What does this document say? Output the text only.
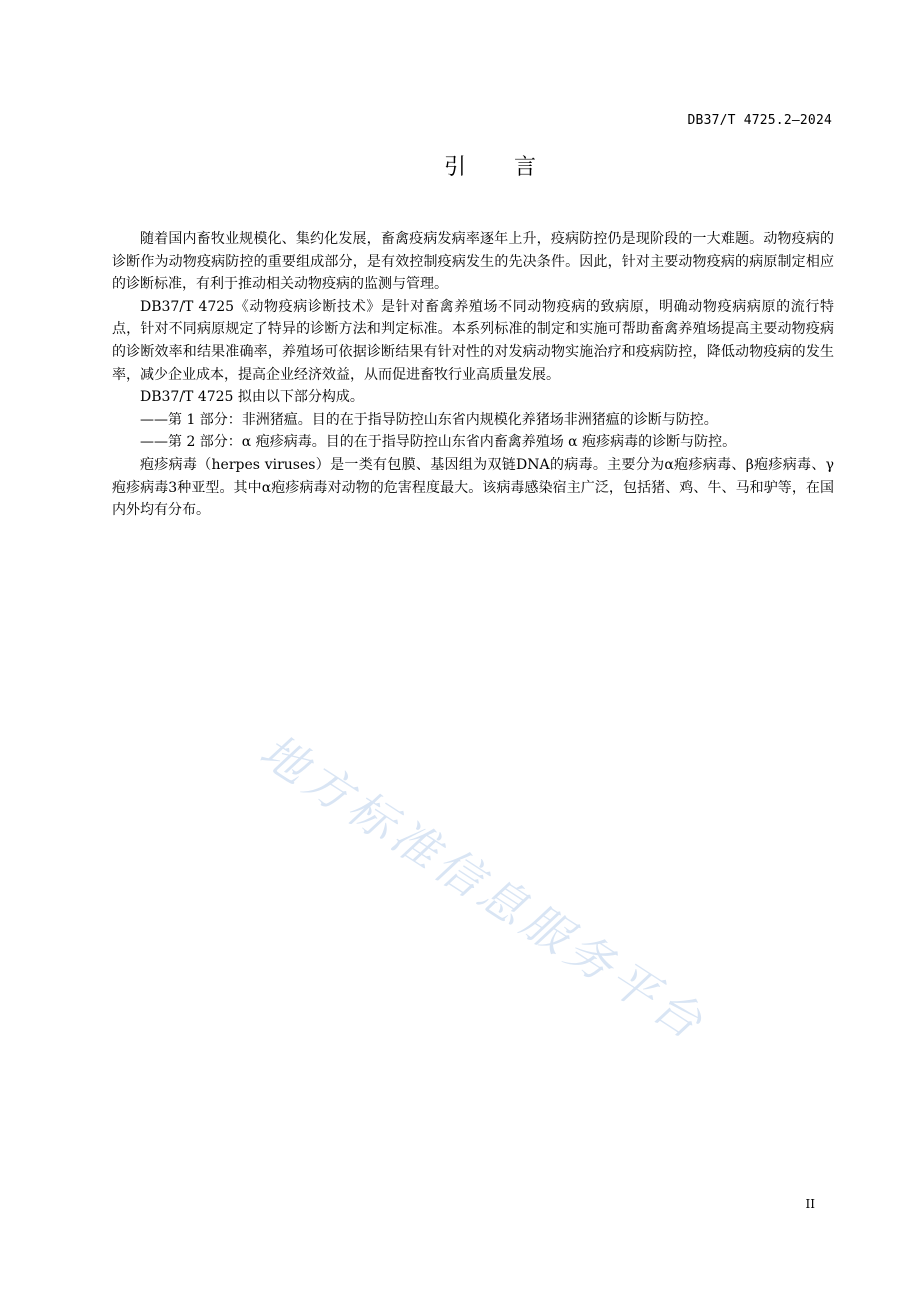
DB37/T 4725.2—2024
引 言

随着国内畜牧业规模化、集约化发展，畜禽疫病发病率逐年上升，疫病防控仍是现阶段的一大难题。动物疫病的诊断作为动物疫病防控的重要组成部分，是有效控制疫病发生的先决条件。因此，针对主要动物疫病的病原制定相应的诊断标准，有利于推动相关动物疫病的监测与管理。

DB37/T 4725《动物疫病诊断技术》是针对畜禽养殖场不同动物疫病的致病原，明确动物疫病病原的流行特点，针对不同病原规定了特异的诊断方法和判定标准。本系列标准的制定和实施可帮助畜禽养殖场提高主要动物疫病的诊断效率和结果准确率，养殖场可依据诊断结果有针对性的对发病动物实施治疗和疫病防控，降低动物疫病的发生率，减少企业成本，提高企业经济效益，从而促进畜牧行业高质量发展。

DB37/T 4725 拟由以下部分构成。

——第 1 部分：非洲猪瘟。目的在于指导防控山东省内规模化养猪场非洲猪瘟的诊断与防控。

——第 2 部分：α 疱疹病毒。目的在于指导防控山东省内畜禽养殖场 α 疱疹病毒的诊断与防控。

疱疹病毒（herpes viruses）是一类有包膜、基因组为双链DNA的病毒。主要分为α疱疹病毒、β疱疹病毒、γ疱疹病毒3种亚型。其中α疱疹病毒对动物的危害程度最大。该病毒感染宿主广泛，包括猪、鸡、牛、马和驴等，在国内外均有分布。

地方标准信息服务平台
II
